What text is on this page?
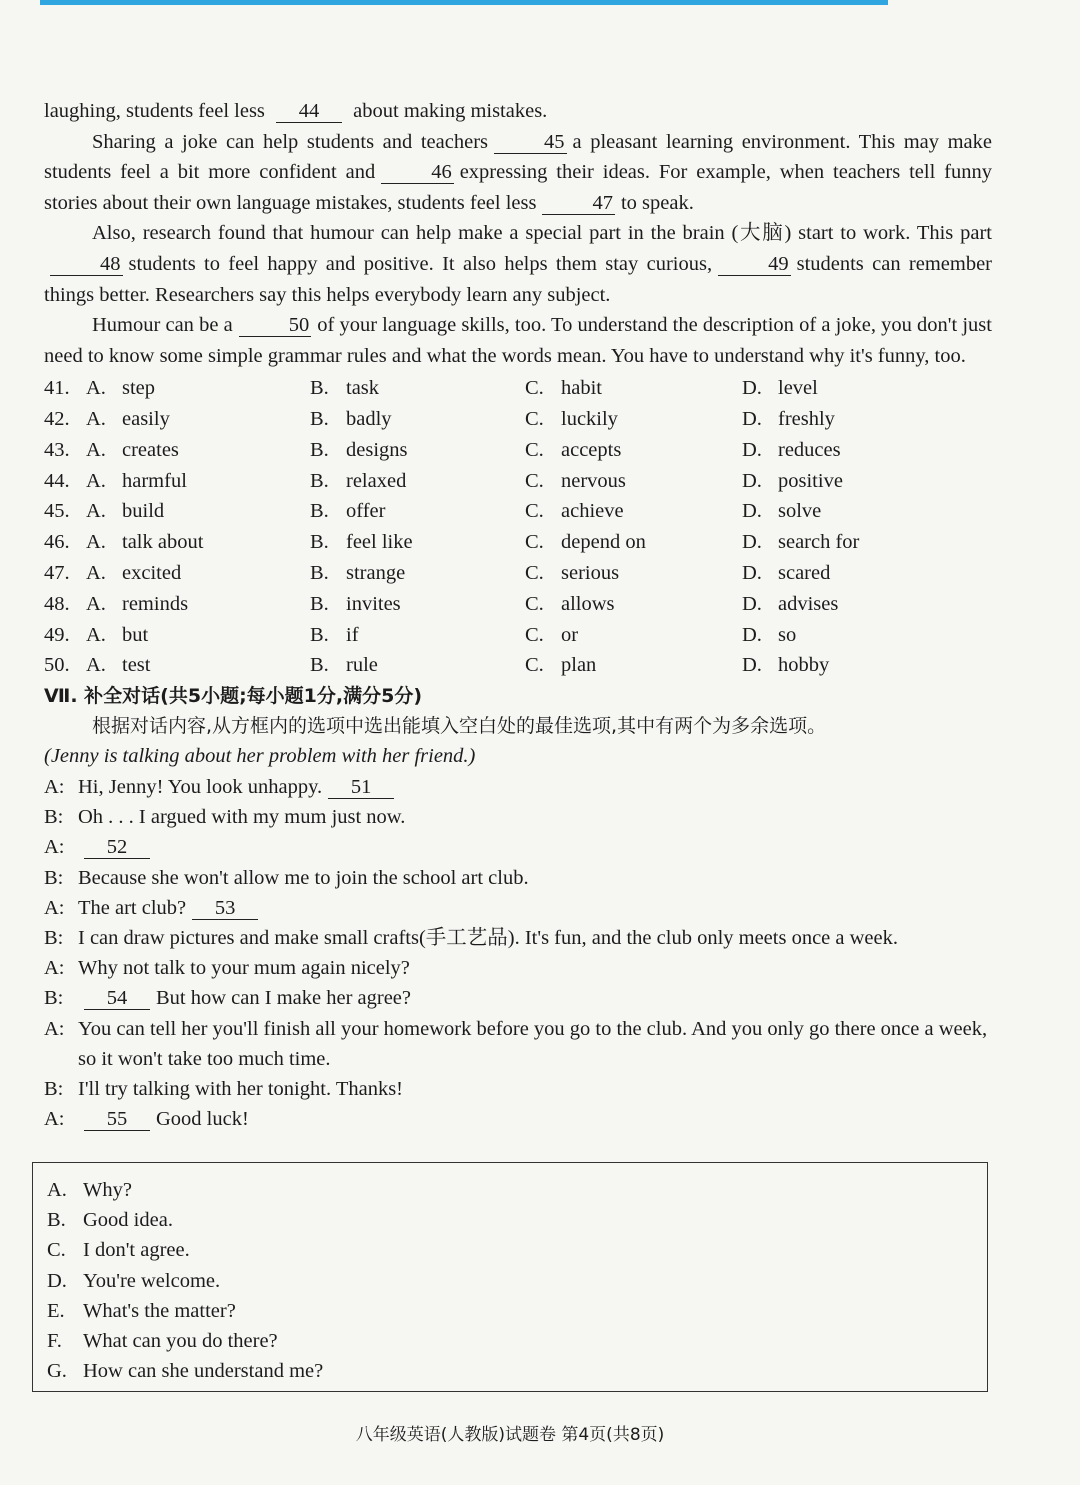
laughing, students feel less 44 about making mistakes.

Sharing a joke can help students and teachers	45 a pleasant learning environment. This may make students feel a bit more confident and	46 expressing their ideas. For example, when teachers tell funny stories about their own language mistakes, students feel less	47 to speak.

Also, research found that humour can help make a special part in the brain (大脑) start to work. This part48 students to feel happy and positive. It also helps them stay curious,	49 students can remember things better. Researchers say this helps everybody learn any subject.

Humour can be a	50 of your language skills, too. To understand the description of a joke, you don't just need to know some simple grammar rules and what the words mean. You have to understand why it's funny, too.

41. A. step	B. task	C. habit	D. level
42. A. easily	B. badly	C. luckily	D. freshly
43. A. creates	B. designs	C. accepts	D. reduces
44. A. harmful	B. relaxed	C. nervous	D. positive
45. A. build	B. offer	C. achieve	D. solve
46. A. talk about	B. feel like	C. depend on	D. search for
47. A. excited	B. strange	C. serious	D. scared
48. A. reminds	B. invites	C. allows	D. advises
49. A. but	B. if	C. or	D. so
50. A. test	B. rule	C. plan	D. hobby
Ⅶ. 补全对话(共5小题;每小题1分,满分5分)
根据对话内容,从方框内的选项中选出能填入空白处的最佳选项,其中有两个为多余选项。
(Jenny is talking about her problem with her friend.)
A: Hi, Jenny! You look unhappy. 51
B: Oh . . . I argued with my mum just now.
A:	52
B: Because she won't allow me to join the school art club.
A: The art club? 53
B: I can draw pictures and make small crafts(手工艺品). It's fun, and the club only meets once a week.
A: Why not talk to your mum again nicely?
B:	54 But how can I make her agree?
A: You can tell her you'll finish all your homework before you go to the club. And you only go there once a week, so it won't take too much time.
B: I'll try talking with her tonight. Thanks!
A:	55 Good luck!
A. Why?
B. Good idea.
C. I don't agree.
D. You're welcome.
E. What's the matter?
F. What can you do there?
G. How can she understand me?
八年级英语(人教版)试题卷 第4页(共8页)
